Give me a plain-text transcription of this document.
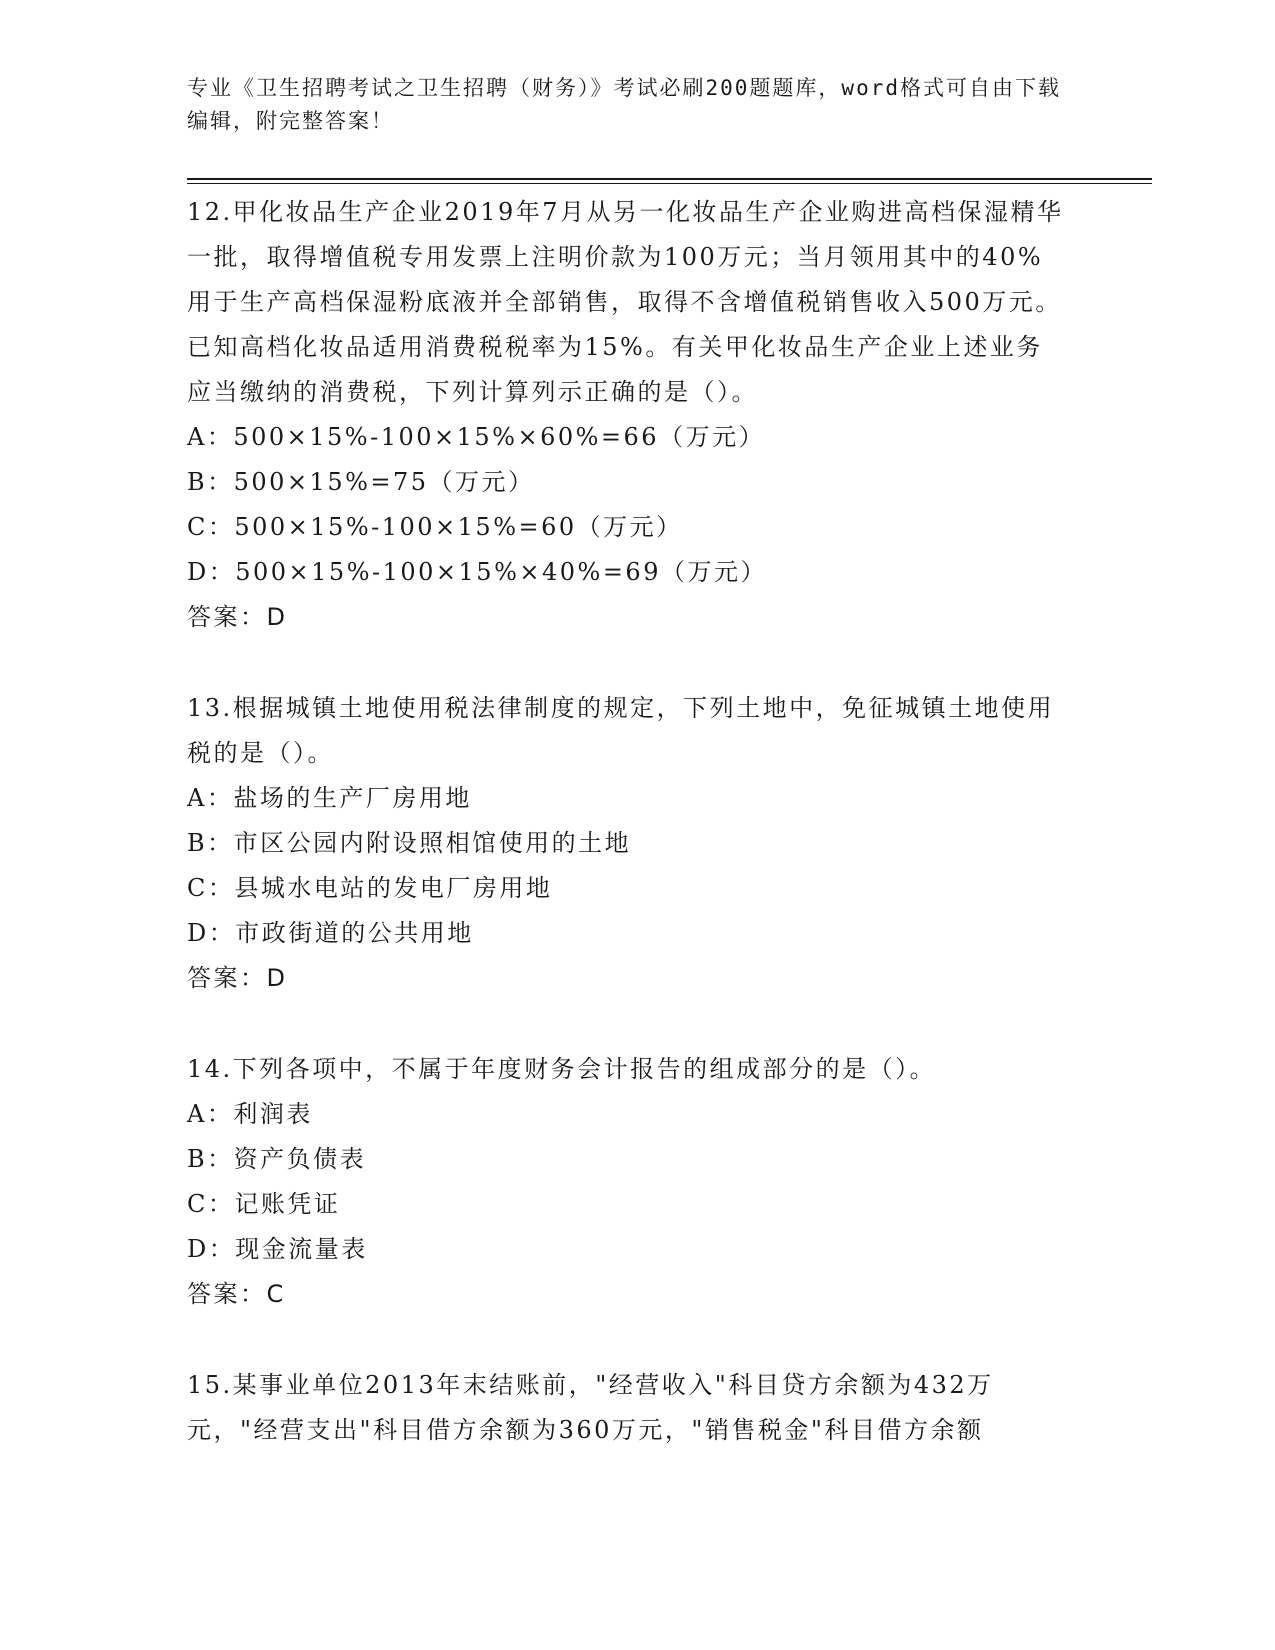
专业《卫生招聘考试之卫生招聘（财务）》考试必刷200题题库，word格式可自由下载编辑，附完整答案！
12.甲化妆品生产企业2019年7月从另一化妆品生产企业购进高档保湿精华一批，取得增值税专用发票上注明价款为100万元；当月领用其中的40%用于生产高档保湿粉底液并全部销售，取得不含增值税销售收入500万元。已知高档化妆品适用消费税税率为15%。有关甲化妆品生产企业上述业务应当缴纳的消费税，下列计算列示正确的是（）。
A：500×15%-100×15%×60%=66（万元）
B：500×15%=75（万元）
C：500×15%-100×15%=60（万元）
D：500×15%-100×15%×40%=69（万元）
答案：D
13.根据城镇土地使用税法律制度的规定，下列土地中，免征城镇土地使用税的是（）。
A：盐场的生产厂房用地
B：市区公园内附设照相馆使用的土地
C：县城水电站的发电厂房用地
D：市政街道的公共用地
答案：D
14.下列各项中，不属于年度财务会计报告的组成部分的是（）。
A：利润表
B：资产负债表
C：记账凭证
D：现金流量表
答案：C
15.某事业单位2013年末结账前，"经营收入"科目贷方余额为432万元，"经营支出"科目借方余额为360万元，"销售税金"科目借方余额
